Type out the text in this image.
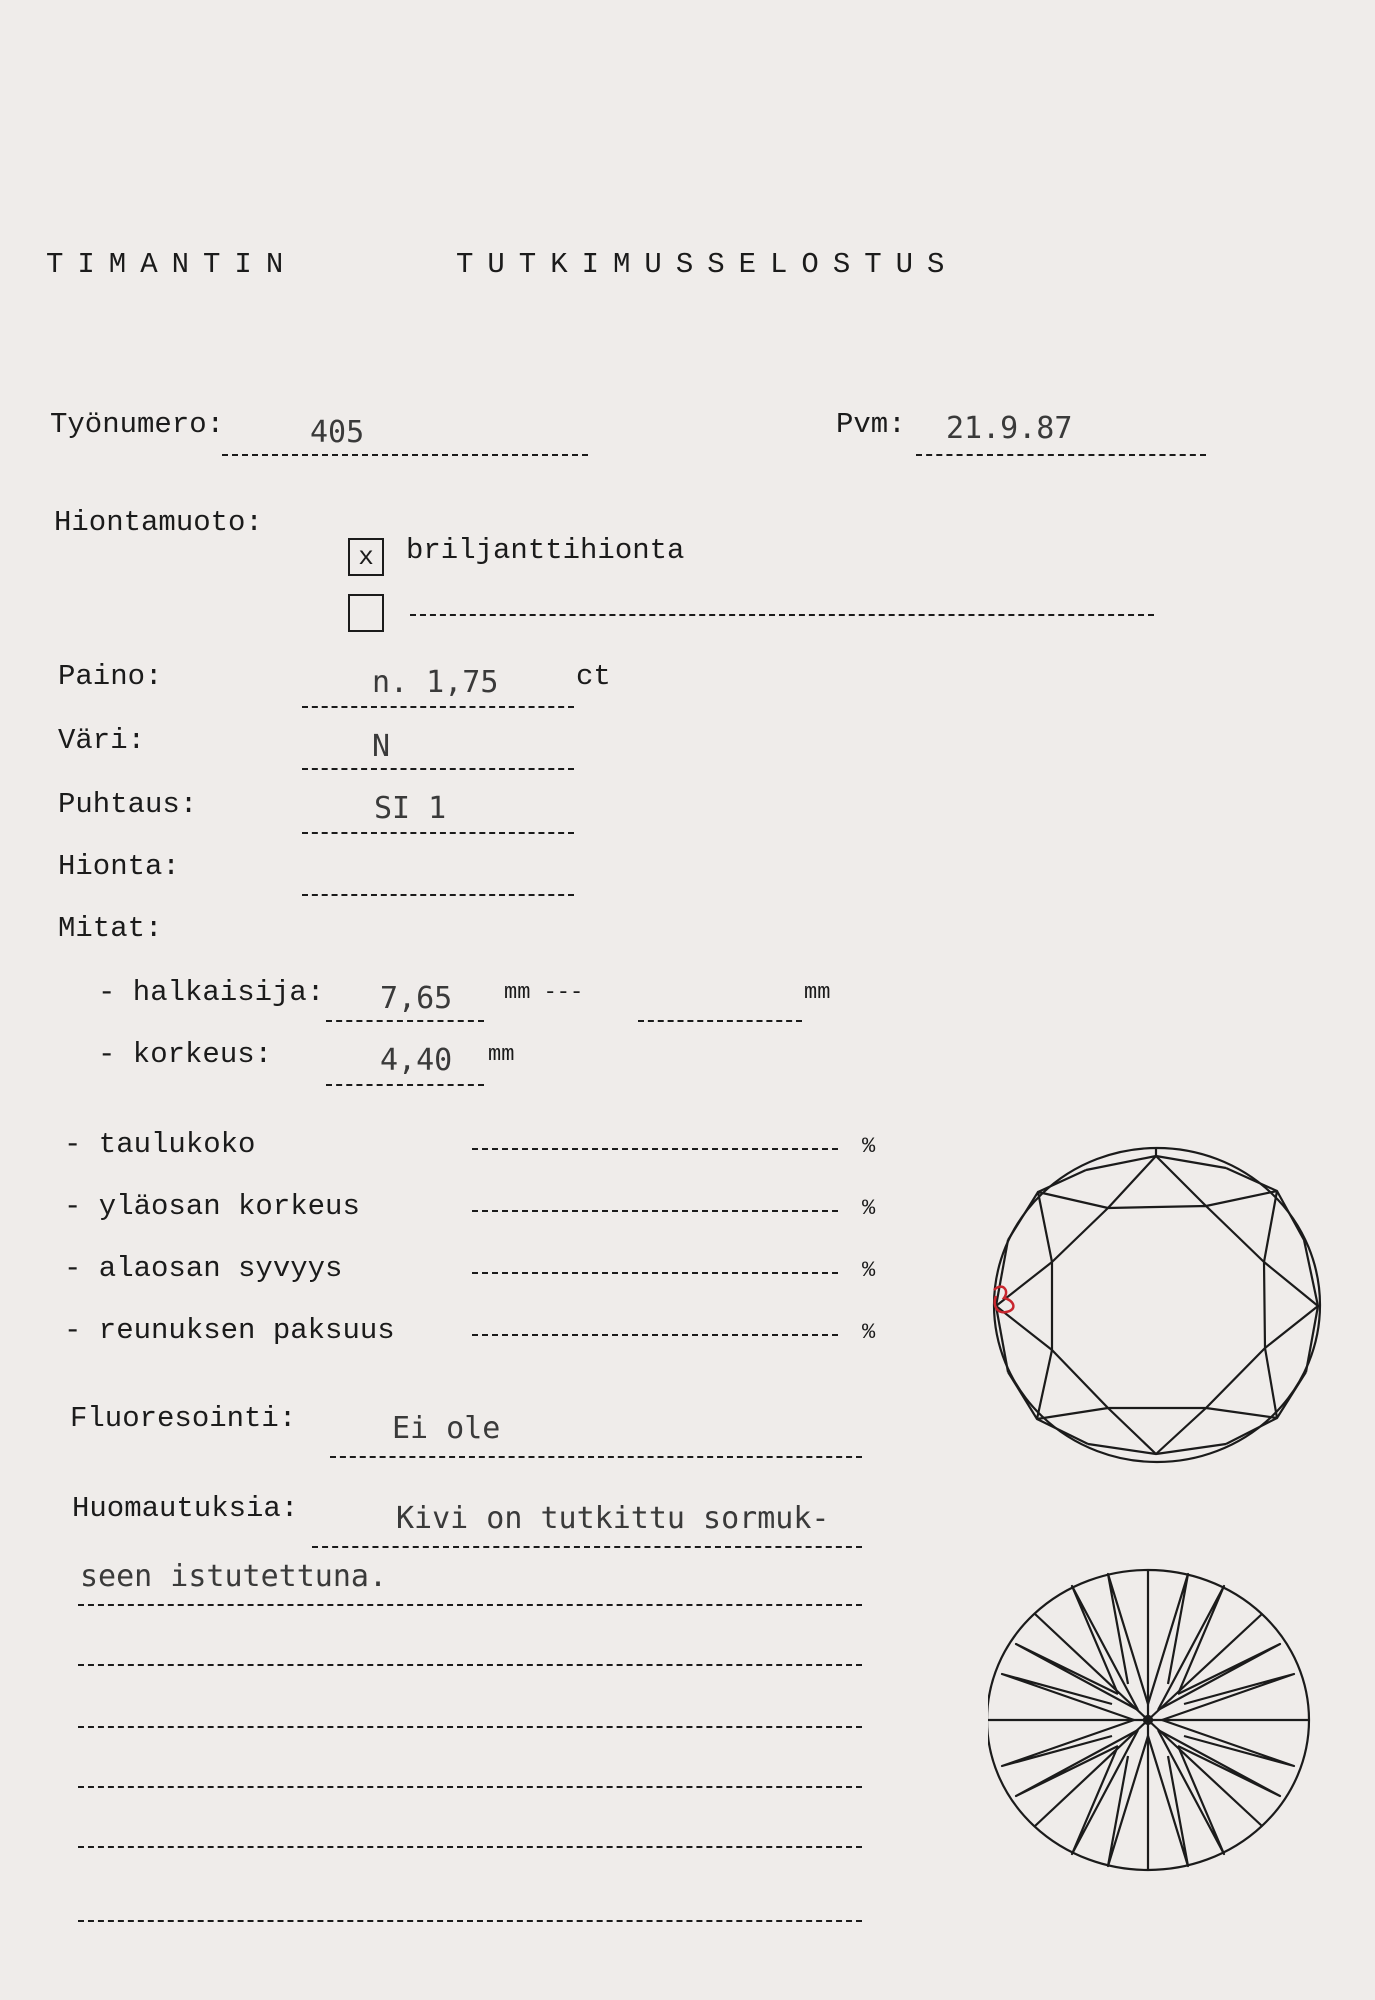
TIMANTIN	TUTKIMUSSELOSTUS
Työnumero:	405	Pvm: 21.9.87
Hiontamuoto:
x	briljanttihionta
Paino:	n. 1,75	ct
Väri:	N
Puhtaus:	SI 1
Hionta:
Mitat:
- halkaisija: 7,65 mm ---	mm
- korkeus:	4,40 mm
- taulukoko	%
- yläosan korkeus	%
- alaosan syvyys	%
- reunuksen paksuus	%
Fluoresointi:	Ei ole
Huomautuksia:	Kivi on tutkittu sormuk-
seen istutettuna.
